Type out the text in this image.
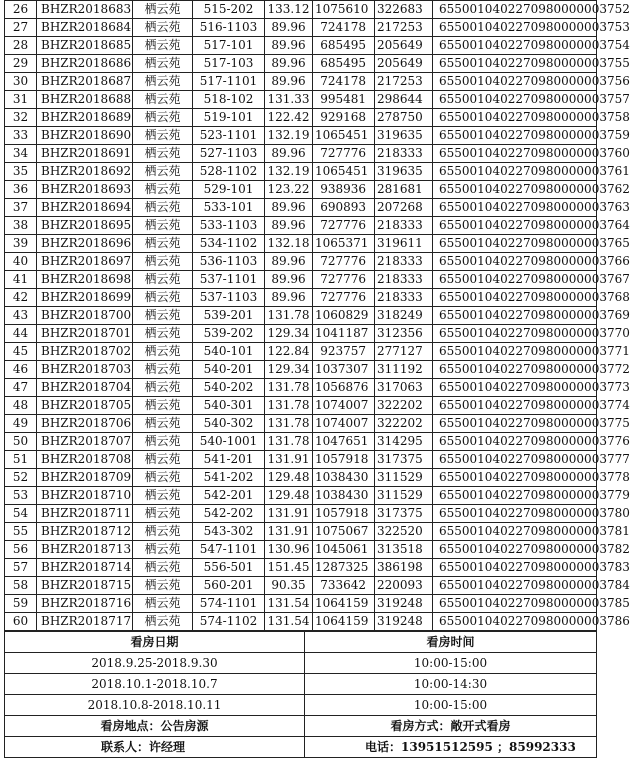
26	BHZR2018683	栖云苑	515-202	133.12	1075610	322683	6550010402270980000003752
27	BHZR2018684	栖云苑	516-1103	89.96	724178	217253	6550010402270980000003753
28	BHZR2018685	栖云苑	517-101	89.96	685495	205649	6550010402270980000003754
29	BHZR2018686	栖云苑	517-103	89.96	685495	205649	6550010402270980000003755
30	BHZR2018687	栖云苑	517-1101	89.96	724178	217253	6550010402270980000003756
31	BHZR2018688	栖云苑	518-102	131.33	995481	298644	6550010402270980000003757
32	BHZR2018689	栖云苑	519-101	122.42	929168	278750	6550010402270980000003758
33	BHZR2018690	栖云苑	523-1101	132.19	1065451	319635	6550010402270980000003759
34	BHZR2018691	栖云苑	527-1103	89.96	727776	218333	6550010402270980000003760
35	BHZR2018692	栖云苑	528-1102	132.19	1065451	319635	6550010402270980000003761
36	BHZR2018693	栖云苑	529-101	123.22	938936	281681	6550010402270980000003762
37	BHZR2018694	栖云苑	533-101	89.96	690893	207268	6550010402270980000003763
38	BHZR2018695	栖云苑	533-1103	89.96	727776	218333	6550010402270980000003764
39	BHZR2018696	栖云苑	534-1102	132.18	1065371	319611	6550010402270980000003765
40	BHZR2018697	栖云苑	536-1103	89.96	727776	218333	6550010402270980000003766
41	BHZR2018698	栖云苑	537-1101	89.96	727776	218333	6550010402270980000003767
42	BHZR2018699	栖云苑	537-1103	89.96	727776	218333	6550010402270980000003768
43	BHZR2018700	栖云苑	539-201	131.78	1060829	318249	6550010402270980000003769
44	BHZR2018701	栖云苑	539-202	129.34	1041187	312356	6550010402270980000003770
45	BHZR2018702	栖云苑	540-101	122.84	923757	277127	6550010402270980000003771
46	BHZR2018703	栖云苑	540-201	129.34	1037307	311192	6550010402270980000003772
47	BHZR2018704	栖云苑	540-202	131.78	1056876	317063	6550010402270980000003773
48	BHZR2018705	栖云苑	540-301	131.78	1074007	322202	6550010402270980000003774
49	BHZR2018706	栖云苑	540-302	131.78	1074007	322202	6550010402270980000003775
50	BHZR2018707	栖云苑	540-1001	131.78	1047651	314295	6550010402270980000003776
51	BHZR2018708	栖云苑	541-201	131.91	1057918	317375	6550010402270980000003777
52	BHZR2018709	栖云苑	541-202	129.48	1038430	311529	6550010402270980000003778
53	BHZR2018710	栖云苑	542-201	129.48	1038430	311529	6550010402270980000003779
54	BHZR2018711	栖云苑	542-202	131.91	1057918	317375	6550010402270980000003780
55	BHZR2018712	栖云苑	543-302	131.91	1075067	322520	6550010402270980000003781
56	BHZR2018713	栖云苑	547-1101	130.96	1045061	313518	6550010402270980000003782
57	BHZR2018714	栖云苑	556-501	151.45	1287325	386198	6550010402270980000003783
58	BHZR2018715	栖云苑	560-201	90.35	733642	220093	6550010402270980000003784
59	BHZR2018716	栖云苑	574-1101	131.54	1064159	319248	6550010402270980000003785
60	BHZR2018717	栖云苑	574-1102	131.54	1064159	319248	6550010402270980000003786
看房日期	看房时间
2018.9.25-2018.9.30	10:00-15:00
2018.10.1-2018.10.7	10:00-14:30
2018.10.8-2018.10.11	10:00-15:00
看房地点：公告房源	看房方式：敞开式看房
联系人：许经理	电话：13951512595 ；85992333
